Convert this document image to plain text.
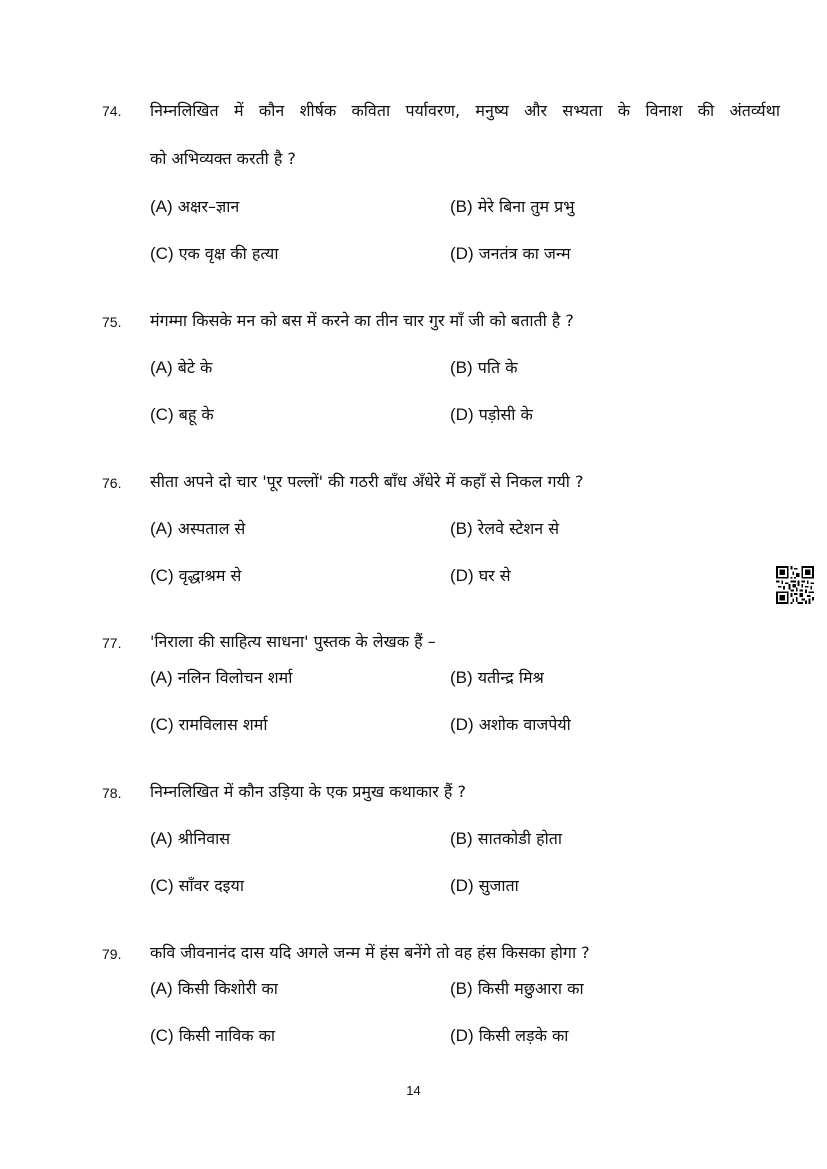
74. निम्नलिखित में कौन शीर्षक कविता पर्यावरण, मनुष्य और सभ्यता के विनाश की अंतर्व्यथा
को अभिव्यक्त करती है ?
(A) अक्षर–ज्ञान	(B) मेरे बिना तुम प्रभु
(C) एक वृक्ष की हत्या	(D) जनतंत्र का जन्म
75. मंगम्मा किसके मन को बस में करने का तीन चार गुर माँ जी को बताती है ?
(A) बेटे के	(B) पति के
(C) बहू के	(D) पड़ोसी के
76. सीता अपने दो चार 'पूर पल्लों' की गठरी बाँध अँधेरे में कहाँ से निकल गयी ?
(A) अस्पताल से	(B) रेलवे स्टेशन से
(C) वृद्धाश्रम से	(D) घर से
77. 'निराला की साहित्य साधना' पुस्तक के लेखक हैं –
(A) नलिन विलोचन शर्मा	(B) यतीन्द्र मिश्र
(C) रामविलास शर्मा	(D) अशोक वाजपेयी
78. निम्नलिखित में कौन उड़िया के एक प्रमुख कथाकार हैं ?
(A) श्रीनिवास	(B) सातकोडी होता
(C) साँवर दइया	(D) सुजाता
79. कवि जीवनानंद दास यदि अगले जन्म में हंस बनेंगे तो वह हंस किसका होगा ?
(A) किसी किशोरी का	(B) किसी मछुआरा का
(C) किसी नाविक का	(D) किसी लड़के का
14
